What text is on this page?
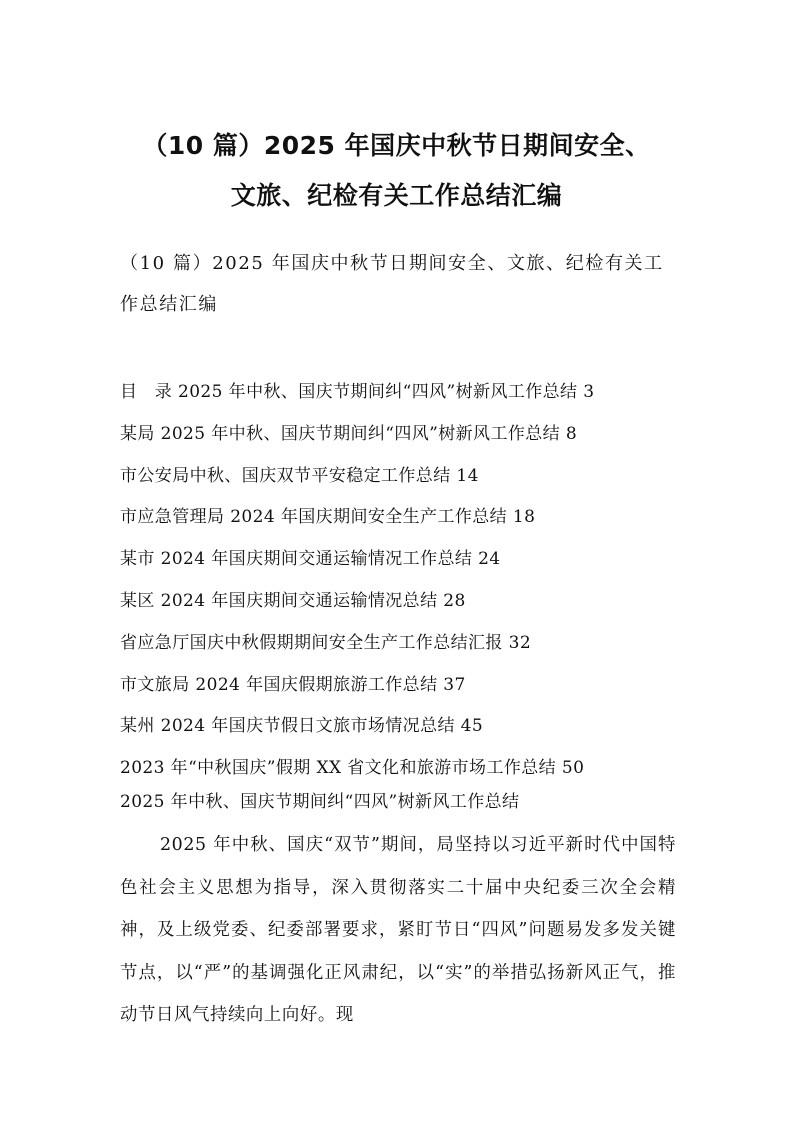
（10 篇）2025 年国庆中秋节日期间安全、
文旅、纪检有关工作总结汇编

（10 篇）2025 年国庆中秋节日期间安全、文旅、纪检有关工作总结汇编

目　录 2025 年中秋、国庆节期间纠“四风”树新风工作总结 3
某局 2025 年中秋、国庆节期间纠“四风”树新风工作总结 8
市公安局中秋、国庆双节平安稳定工作总结 14
市应急管理局 2024 年国庆期间安全生产工作总结 18
某市 2024 年国庆期间交通运输情况工作总结 24
某区 2024 年国庆期间交通运输情况总结 28
省应急厅国庆中秋假期期间安全生产工作总结汇报 32
市文旅局 2024 年国庆假期旅游工作总结 37
某州 2024 年国庆节假日文旅市场情况总结 45
2023 年“中秋国庆”假期 XX 省文化和旅游市场工作总结 50

2025 年中秋、国庆节期间纠“四风”树新风工作总结

2025 年中秋、国庆“双节”期间，局坚持以习近平新时代中国特色社会主义思想为指导，深入贯彻落实二十届中央纪委三次全会精神，及上级党委、纪委部署要求，紧盯节日“四风”问题易发多发关键节点，以“严”的基调强化正风肃纪，以“实”的举措弘扬新风正气，推动节日风气持续向上向好。现
